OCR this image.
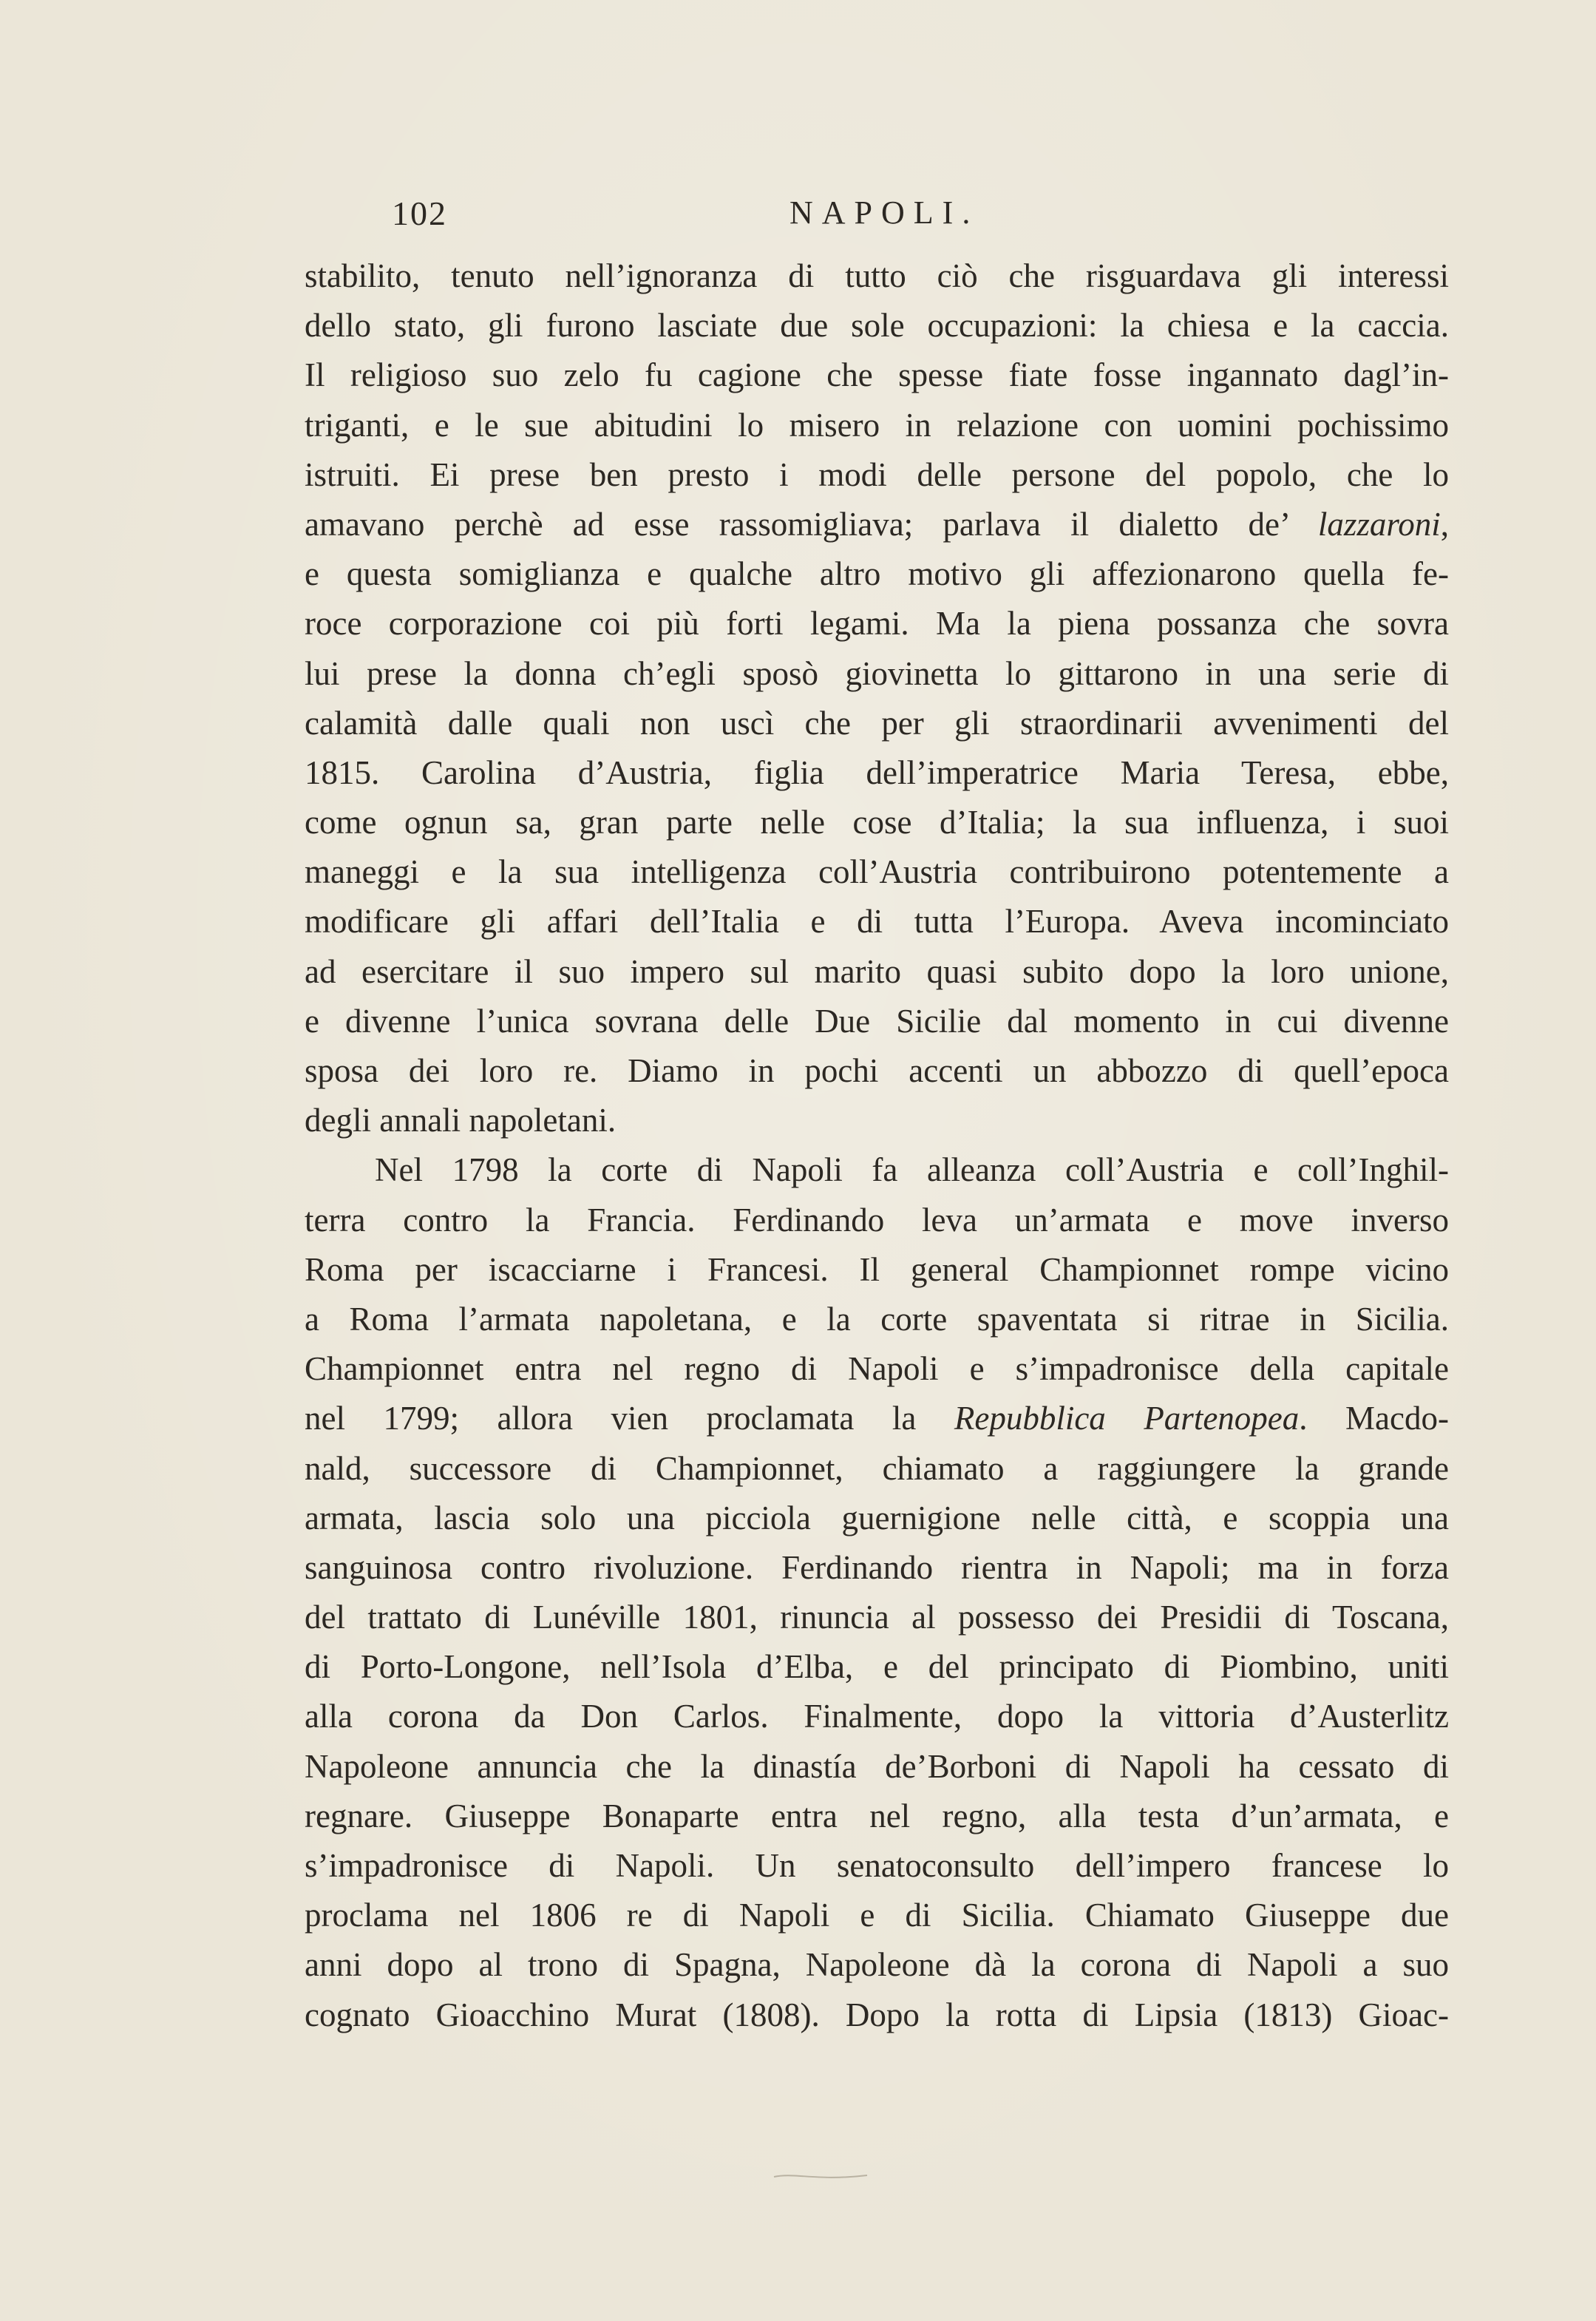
102	NAPOLI.
stabilito, tenuto nell’ignoranza di tutto ciò che risguardava gli interessi
dello stato, gli furono lasciate due sole occupazioni: la chiesa e la caccia.
Il religioso suo zelo fu cagione che spesse fiate fosse ingannato dagl’in-
triganti, e le sue abitudini lo misero in relazione con uomini pochissimo
istruiti. Ei prese ben presto i modi delle persone del popolo, che lo
amavano perchè ad esse rassomigliava; parlava il dialetto de’ lazzaroni,
e questa somiglianza e qualche altro motivo gli affezionarono quella fe-
roce corporazione coi più forti legami. Ma la piena possanza che sovra
lui prese la donna ch’egli sposò giovinetta lo gittarono in una serie di
calamità dalle quali non uscì che per gli straordinarii avvenimenti del
1815. Carolina d’Austria, figlia dell’imperatrice Maria Teresa, ebbe,
come ognun sa, gran parte nelle cose d’Italia; la sua influenza, i suoi
maneggi e la sua intelligenza coll’Austria contribuirono potentemente a
modificare gli affari dell’Italia e di tutta l’Europa. Aveva incominciato
ad esercitare il suo impero sul marito quasi subito dopo la loro unione,
e divenne l’unica sovrana delle Due Sicilie dal momento in cui divenne
sposa dei loro re. Diamo in pochi accenti un abbozzo di quell’epoca
degli annali napoletani.
Nel 1798 la corte di Napoli fa alleanza coll’Austria e coll’Inghil-
terra contro la Francia. Ferdinando leva un’armata e move inverso
Roma per iscacciarne i Francesi. Il general Championnet rompe vicino
a Roma l’armata napoletana, e la corte spaventata si ritrae in Sicilia.
Championnet entra nel regno di Napoli e s’impadronisce della capitale
nel 1799; allora vien proclamata la Repubblica Partenopea. Macdo-
nald, successore di Championnet, chiamato a raggiungere la grande
armata, lascia solo una picciola guernigione nelle città, e scoppia una
sanguinosa contro rivoluzione. Ferdinando rientra in Napoli; ma in forza
del trattato di Lunéville 1801, rinuncia al possesso dei Presidii di Toscana,
di Porto-Longone, nell’Isola d’Elba, e del principato di Piombino, uniti
alla corona da Don Carlos. Finalmente, dopo la vittoria d’Austerlitz
Napoleone annuncia che la dinastía de’Borboni di Napoli ha cessato di
regnare. Giuseppe Bonaparte entra nel regno, alla testa d’un’armata, e
s’impadronisce di Napoli. Un senatoconsulto dell’impero francese lo
proclama nel 1806 re di Napoli e di Sicilia. Chiamato Giuseppe due
anni dopo al trono di Spagna, Napoleone dà la corona di Napoli a suo
cognato Gioacchino Murat (1808). Dopo la rotta di Lipsia (1813) Gioac-
